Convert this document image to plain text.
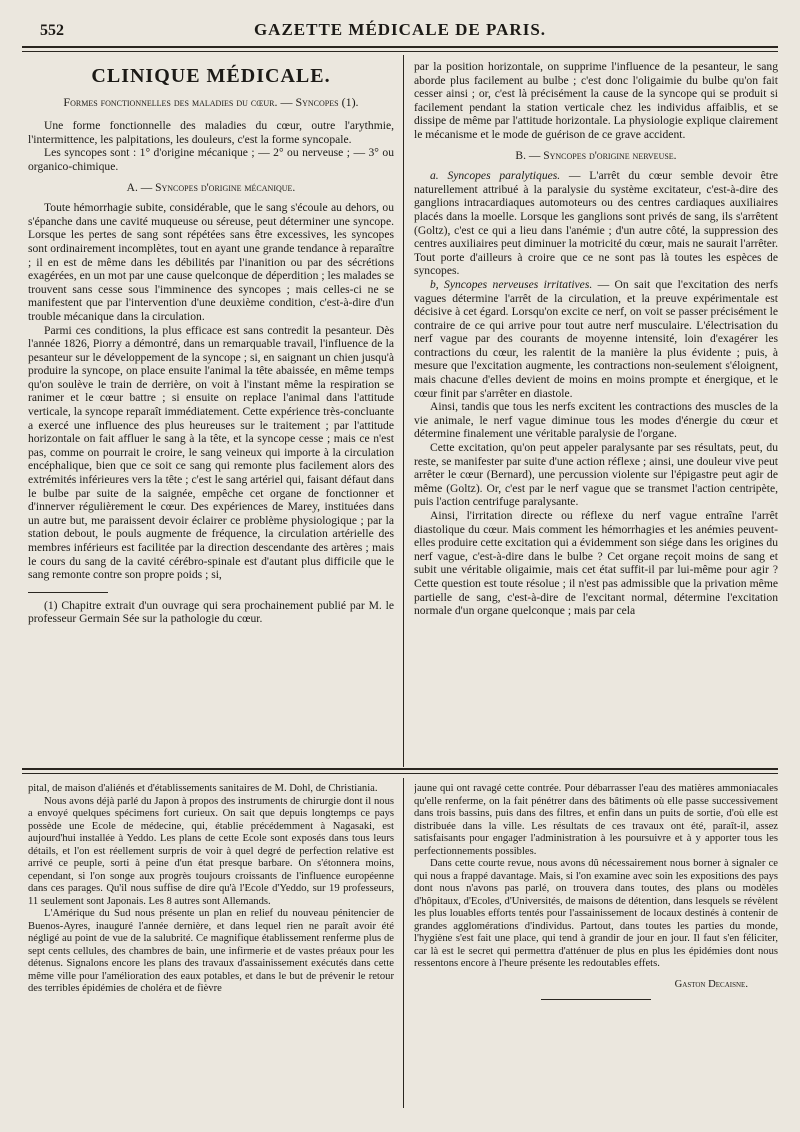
552	GAZETTE MÉDICALE DE PARIS.
CLINIQUE MÉDICALE.
Formes fonctionnelles des maladies du cœur. — Syncopes (1).

Une forme fonctionnelle des maladies du cœur, outre l'arythmie, l'intermittence, les palpitations, les douleurs, c'est la forme syncopale.

Les syncopes sont : 1° d'origine mécanique ; — 2° ou nerveuse ; — 3° ou organico-chimique.

A. — Syncopes d'origine mécanique.

Toute hémorrhagie subite, considérable, que le sang s'écoule au dehors, ou s'épanche dans une cavité muqueuse ou séreuse, peut déterminer une syncope. Lorsque les pertes de sang sont répétées sans être excessives, les syncopes sont ordinairement incomplètes, tout en ayant une grande tendance à reparaître ; il en est de même dans les débilités par l'inanition ou par des sécrétions exagérées, en un mot par une cause quelconque de déperdition ; les malades se trouvent sans cesse sous l'imminence des syncopes ; mais celles-ci ne se manifestent que par l'intervention d'une deuxième condition, c'est-à-dire d'un trouble mécanique dans la circulation.

Parmi ces conditions, la plus efficace est sans contredit la pesanteur. Dès l'année 1826, Piorry a démontré, dans un remarquable travail, l'influence de la pesanteur sur le développement de la syncope ; si, en saignant un chien jusqu'à produire la syncope, on place ensuite l'animal la tête abaissée, en même temps qu'on soulève le train de derrière, on voit à l'instant même la respiration se ranimer et le cœur battre ; si ensuite on replace l'animal dans l'attitude verticale, la syncope reparaît immédiatement. Cette expérience très-concluante a exercé une influence des plus heureuses sur le traitement ; par l'attitude horizontale on fait affluer le sang à la tête, et la syncope cesse ; mais ce n'est pas, comme on pourrait le croire, le sang veineux qui importe à la circulation encéphalique, bien que ce soit ce sang qui remonte plus facilement alors des extrémités inférieures vers la tête ; c'est le sang artériel qui, faisant défaut dans le bulbe par suite de la saignée, empêche cet organe de fonctionner et d'innerver régulièrement le cœur. Des expériences de Marey, instituées dans un autre but, me paraissent devoir éclairer ce problème physiologique ; par la station debout, le pouls augmente de fréquence, la circulation artérielle des membres inférieurs est facilitée par la direction descendante des artères ; mais le cours du sang de la cavité cérébro-spinale est d'autant plus difficile que le sang remonte contre son propre poids ; si,

(1) Chapitre extrait d'un ouvrage qui sera prochainement publié par M. le professeur Germain Sée sur la pathologie du cœur.

par la position horizontale, on supprime l'influence de la pesanteur, le sang aborde plus facilement au bulbe ; c'est donc l'oligaimie du bulbe qu'on fait cesser ainsi ; or, c'est là précisément la cause de la syncope qui se produit si facilement pendant la station verticale chez les individus affaiblis, et se dissipe de même par l'attitude horizontale. La physiologie explique clairement le mécanisme et le mode de guérison de ce grave accident.

B. — Syncopes d'origine nerveuse.

a. Syncopes paralytiques. — L'arrêt du cœur semble devoir être naturellement attribué à la paralysie du système excitateur, c'est-à-dire des ganglions intracardiaques automoteurs ou des centres cardiaques auxiliaires placés dans la moelle. Lorsque les ganglions sont privés de sang, ils s'arrêtent (Goltz), c'est ce qui a lieu dans l'anémie ; d'un autre côté, la suppression des centres auxiliaires peut diminuer la motricité du cœur, mais ne saurait l'arrêter. Tout porte d'ailleurs à croire que ce ne sont pas là toutes les espèces de syncopes.

b, Syncopes nerveuses irritatives. — On sait que l'excitation des nerfs vagues détermine l'arrêt de la circulation, et la preuve expérimentale est décisive à cet égard. Lorsqu'on excite ce nerf, on voit se passer précisément le contraire de ce qui arrive pour tout autre nerf musculaire. L'électrisation du nerf vague par des courants de moyenne intensité, loin d'exagérer les contractions du cœur, les ralentit de la manière la plus évidente ; puis, à mesure que l'excitation augmente, les contractions non-seulement s'éloignent, mais chacune d'elles devient de moins en moins prompte et énergique, et le cœur finit par s'arrêter en diastole.

Ainsi, tandis que tous les nerfs excitent les contractions des muscles de la vie animale, le nerf vague diminue tous les modes d'énergie du cœur et détermine finalement une véritable paralysie de l'organe.

Cette excitation, qu'on peut appeler paralysante par ses résultats, peut, du reste, se manifester par suite d'une action réflexe ; ainsi, une douleur vive peut arrêter le cœur (Bernard), une percussion violente sur l'épigastre peut agir de même (Goltz). Or, c'est par le nerf vague que se transmet l'action centripète, puis l'action centrifuge paralysante.

Ainsi, l'irritation directe ou réflexe du nerf vague entraîne l'arrêt diastolique du cœur. Mais comment les hémorrhagies et les anémies peuvent-elles produire cette excitation qui a évidemment son siége dans les origines du nerf vague, c'est-à-dire dans le bulbe ? Cet organe reçoit moins de sang et subit une véritable oligaimie, mais cet état suffit-il par lui-même pour agir ? Cette question est toute résolue ; il n'est pas admissible que la privation même partielle de sang, c'est-à-dire de l'excitant normal, détermine l'excitation normale d'un organe quelconque ; mais par cela

pital, de maison d'aliénés et d'établissements sanitaires de M. Dohl, de Christiania.

Nous avons déjà parlé du Japon à propos des instruments de chirurgie dont il nous a envoyé quelques spécimens fort curieux. On sait que depuis longtemps ce pays possède une Ecole de médecine, qui, établie précédemment à Nagasaki, est aujourd'hui installée à Yeddo. Les plans de cette Ecole sont exposés dans tous leurs détails, et l'on est réellement surpris de voir à quel degré de perfection relative est arrivé ce peuple, sorti à peine d'un état presque barbare. On s'étonnera moins, cependant, si l'on songe aux progrès toujours croissants de l'influence européenne dans ces parages. Qu'il nous suffise de dire qu'à l'Ecole d'Yeddo, sur 19 professeurs, 11 seulement sont Japonais. Les 8 autres sont Allemands.

L'Amérique du Sud nous présente un plan en relief du nouveau pénitencier de Buenos-Ayres, inauguré l'année dernière, et dans lequel rien ne paraît avoir été négligé au point de vue de la salubrité. Ce magnifique établissement renferme plus de sept cents cellules, des chambres de bain, une infirmerie et de vastes préaux pour les détenus. Signalons encore les plans des travaux d'assainissement exécutés dans cette même ville pour l'amélioration des eaux potables, et dans le but de prévenir le retour des terribles épidémies de choléra et de fièvre

jaune qui ont ravagé cette contrée. Pour débarrasser l'eau des matières ammoniacales qu'elle renferme, on la fait pénétrer dans des bâtiments où elle passe successivement dans trois bassins, puis dans des filtres, et enfin dans un puits de sortie, d'où elle est distribuée dans la ville. Les résultats de ces travaux ont été, paraît-il, assez satisfaisants pour engager l'administration à les poursuivre et à y apporter tous les perfectionnements possibles.

Dans cette courte revue, nous avons dû nécessairement nous borner à signaler ce qui nous a frappé davantage. Mais, si l'on examine avec soin les expositions des pays dont nous n'avons pas parlé, on trouvera dans toutes, des plans ou modèles d'hôpitaux, d'Ecoles, d'Universités, de maisons de détention, dans lesquels se révèlent les plus louables efforts tentés pour l'assainissement de locaux destinés à contenir de grandes agglomérations d'individus. Partout, dans toutes les parties du monde, l'hygiène s'est fait une place, qui tend à grandir de jour en jour. Il faut s'en féliciter, car là est le secret qui permettra d'atténuer de plus en plus les épidémies dont nous ressentons encore à l'heure présente les redoutables effets.

Gaston Decaisne.
